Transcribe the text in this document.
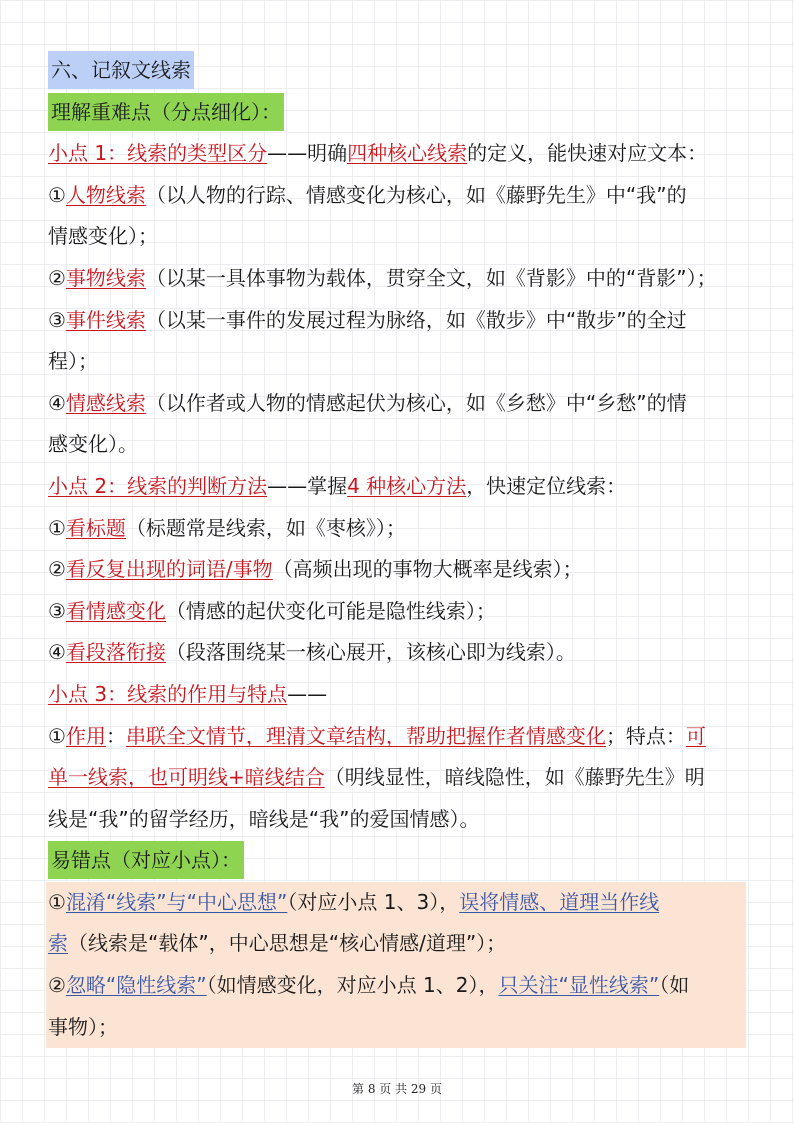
六、记叙文线索
理解重难点（分点细化）：
小点 1：线索的类型区分——明确四种核心线索的定义，能快速对应文本：
①人物线索（以人物的行踪、情感变化为核心，如《藤野先生》中“我”的
情感变化）；
②事物线索（以某一具体事物为载体，贯穿全文，如《背影》中的“背影”）；
③事件线索（以某一事件的发展过程为脉络，如《散步》中“散步”的全过
程）；
④情感线索（以作者或人物的情感起伏为核心，如《乡愁》中“乡愁”的情
感变化）。
小点 2：线索的判断方法——掌握4 种核心方法，快速定位线索：
①看标题（标题常是线索，如《枣核》）；
②看反复出现的词语/事物（高频出现的事物大概率是线索）；
③看情感变化（情感的起伏变化可能是隐性线索）；
④看段落衔接（段落围绕某一核心展开，该核心即为线索）。
小点 3：线索的作用与特点——
①作用：串联全文情节，理清文章结构，帮助把握作者情感变化；特点：可
单一线索，也可明线+暗线结合（明线显性，暗线隐性，如《藤野先生》明
线是“我”的留学经历，暗线是“我”的爱国情感）。
易错点（对应小点）：
①混淆“线索”与“中心思想”（对应小点 1、3），误将情感、道理当作线
索（线索是“载体”，中心思想是“核心情感/道理”）；
②忽略“隐性线索”（如情感变化，对应小点 1、2），只关注“显性线索”（如
事物）；
第 8 页 共 29 页
